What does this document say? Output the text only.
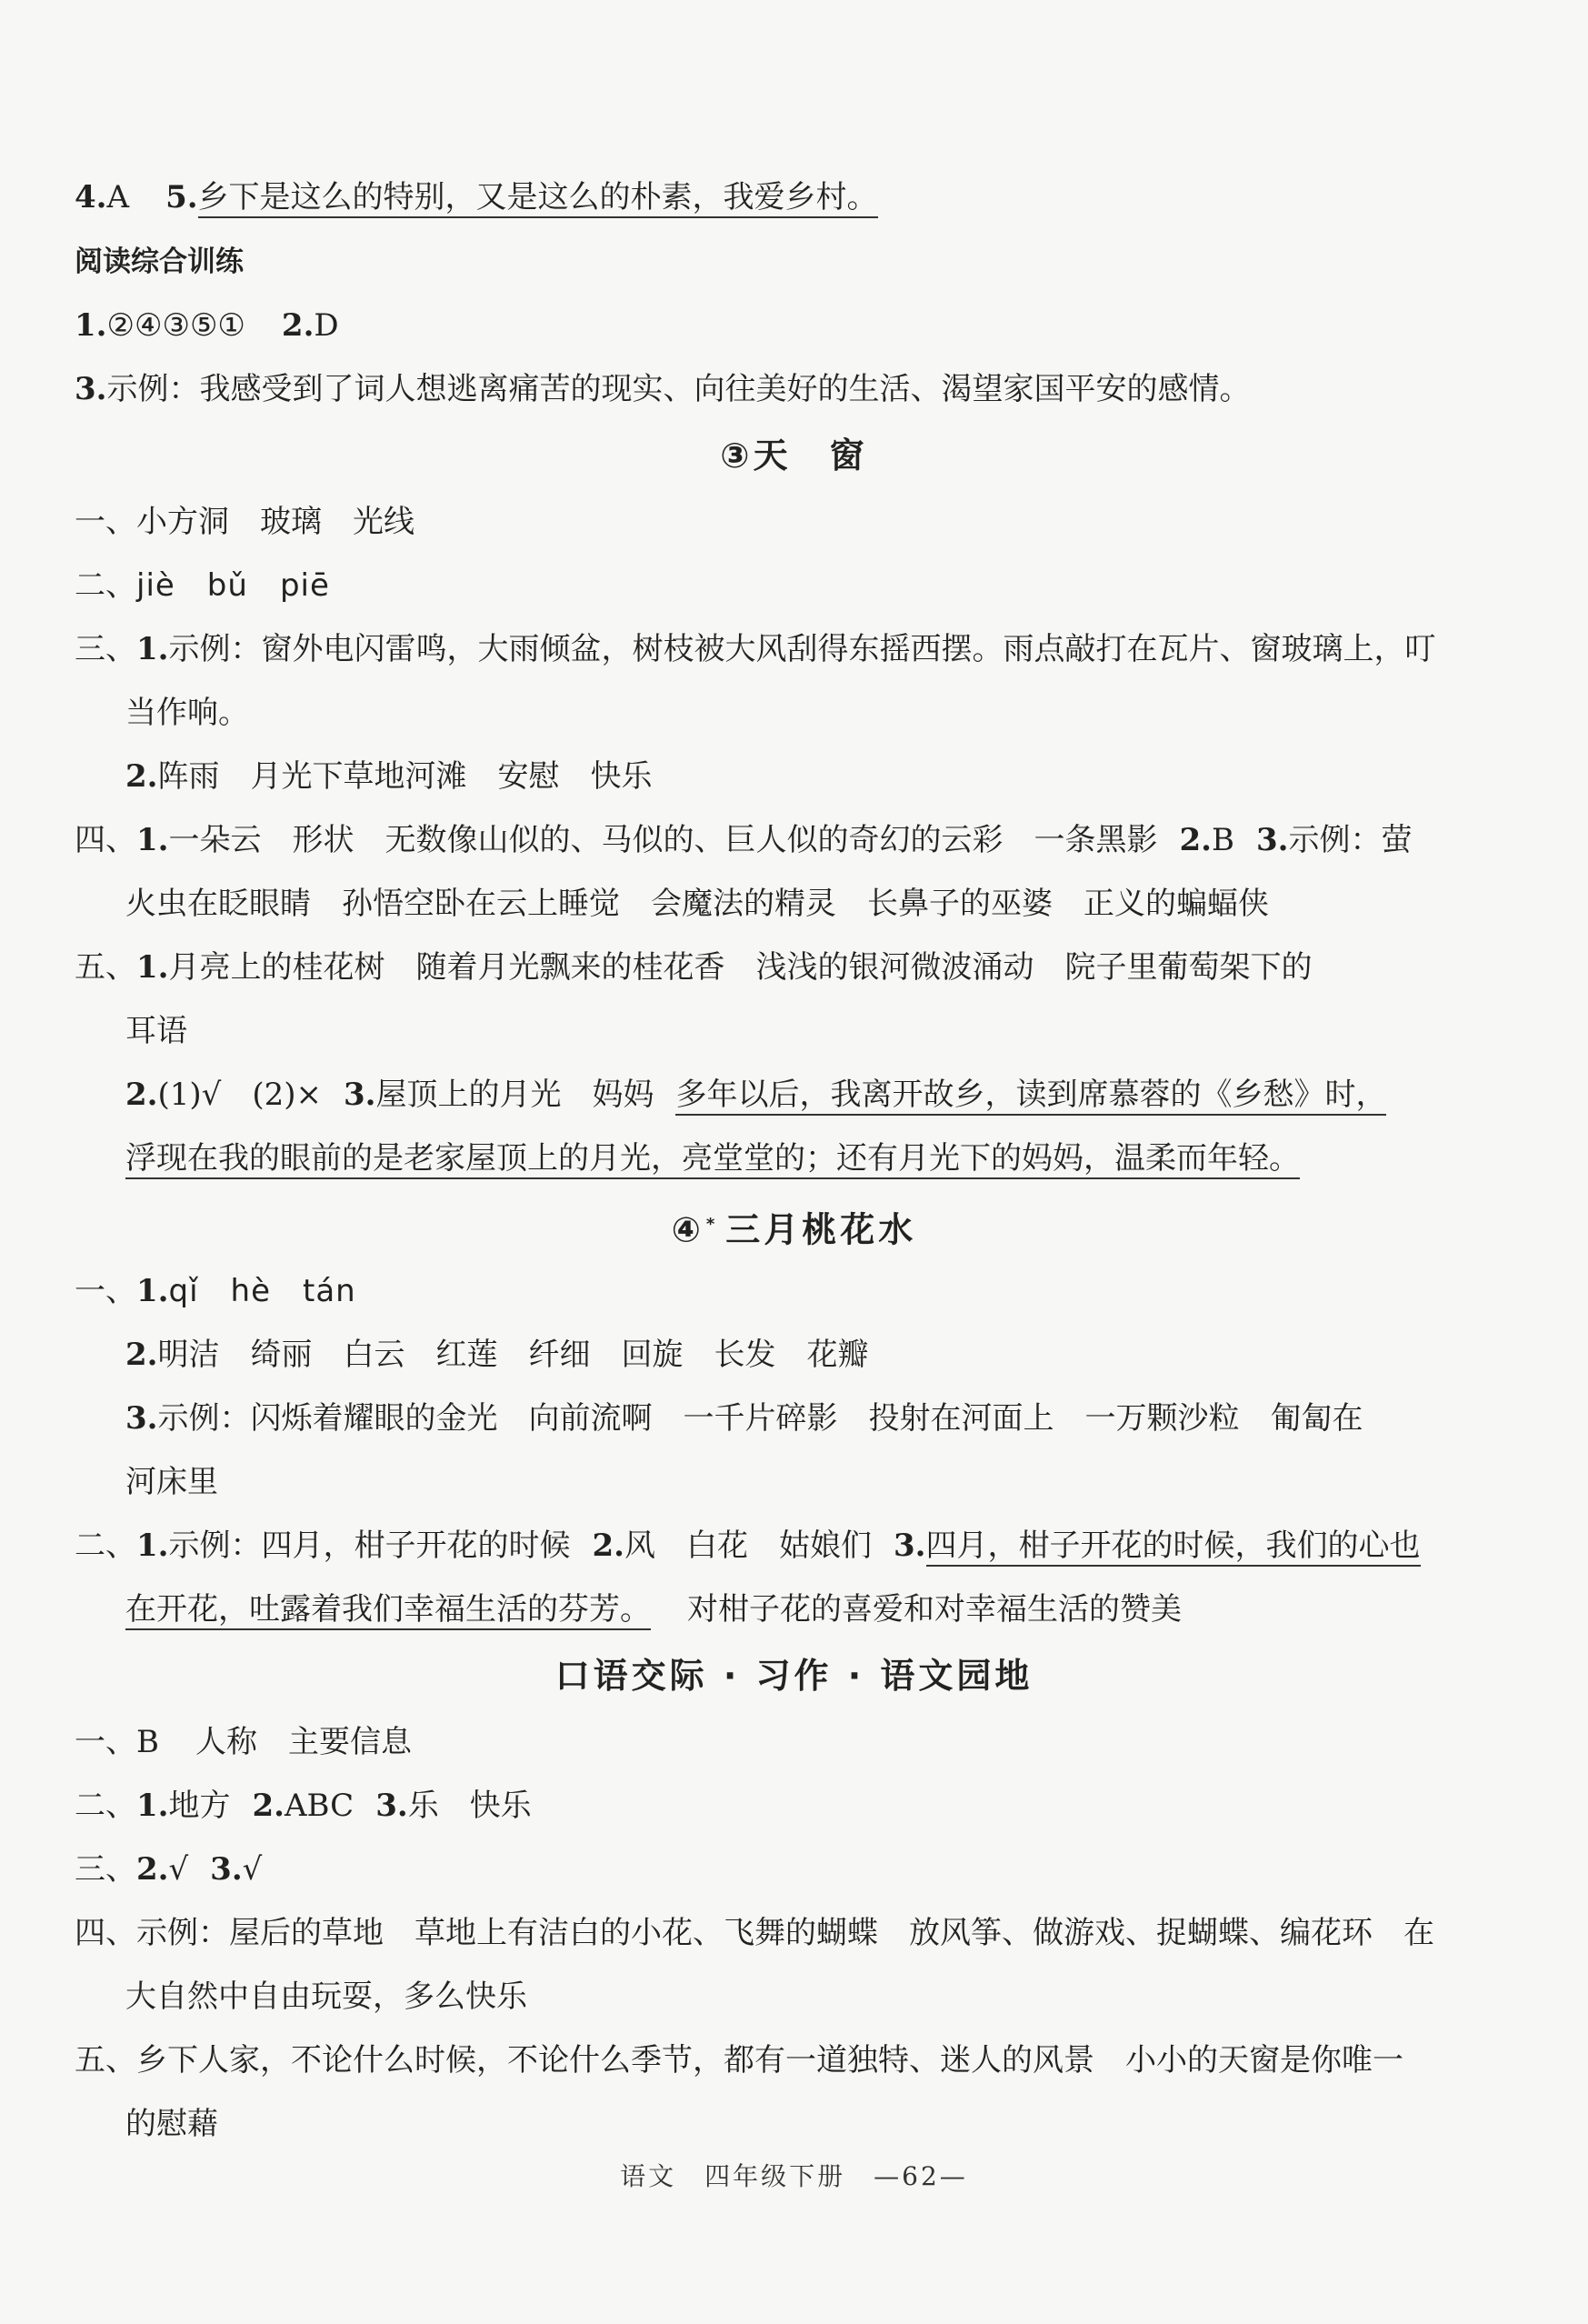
4.A 5.乡下是这么的特别，又是这么的朴素，我爱乡村。
阅读综合训练
1.②④③⑤① 2.D
3.示例：我感受到了词人想逃离痛苦的现实、向往美好的生活、渴望家国平安的感情。
③天　窗
一、小方洞　玻璃　光线
二、jiè　bǔ　piē
三、1.示例：窗外电闪雷鸣，大雨倾盆，树枝被大风刮得东摇西摆。雨点敲打在瓦片、窗玻璃上，叮
当作响。
2.阵雨　月光下草地河滩　安慰　快乐
四、1.一朵云　形状　无数像山似的、马似的、巨人似的奇幻的云彩　一条黑影 2.B 3.示例：萤
火虫在眨眼睛　孙悟空卧在云上睡觉　会魔法的精灵　长鼻子的巫婆　正义的蝙蝠侠
五、1.月亮上的桂花树　随着月光飘来的桂花香　浅浅的银河微波涌动　院子里葡萄架下的
耳语
2.(1)√　(2)× 3.屋顶上的月光　妈妈 多年以后，我离开故乡，读到席慕蓉的《乡愁》时，
浮现在我的眼前的是老家屋顶上的月光，亮堂堂的；还有月光下的妈妈，温柔而年轻。
④ * 三月桃花水
一、1.qǐ　hè　tán
2.明洁　绮丽　白云　红莲　纤细　回旋　长发　花瓣
3.示例：闪烁着耀眼的金光　向前流啊　一千片碎影　投射在河面上　一万颗沙粒　匍匐在
河床里
二、1.示例：四月，柑子开花的时候 2.风　白花　姑娘们 3.四月，柑子开花的时候，我们的心也
在开花，吐露着我们幸福生活的芬芳。 对柑子花的喜爱和对幸福生活的赞美
口语交际 · 习作 · 语文园地
一、B 人称　主要信息
二、1.地方 2.ABC 3.乐　快乐
三、2.√ 3.√
四、示例：屋后的草地　草地上有洁白的小花、飞舞的蝴蝶　放风筝、做游戏、捉蝴蝶、编花环　在
大自然中自由玩耍，多么快乐
五、乡下人家，不论什么时候，不论什么季节，都有一道独特、迷人的风景　小小的天窗是你唯一
的慰藉
语文　四年级下册　—62—
